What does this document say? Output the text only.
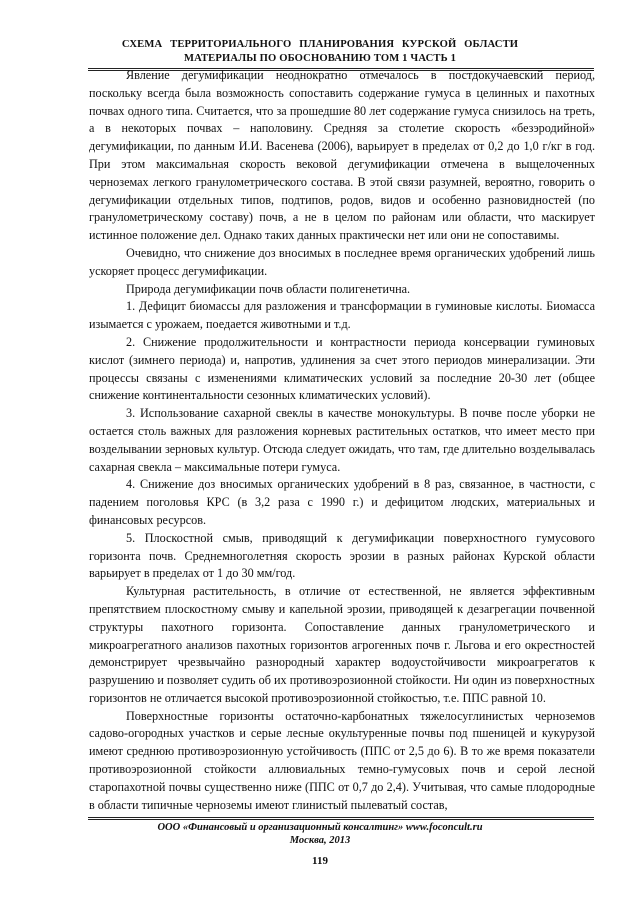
СХЕМА ТЕРРИТОРИАЛЬНОГО ПЛАНИРОВАНИЯ КУРСКОЙ ОБЛАСТИ
МАТЕРИАЛЫ ПО ОБОСНОВАНИЮ ТОМ 1 ЧАСТЬ 1

Явление дегумификации неоднократно отмечалось в постдокучаевский период, поскольку всегда была возможность сопоставить содержание гумуса в целинных и пахотных почвах одного типа. Считается, что за прошедшие 80 лет содержание гумуса снизилось на треть, а в некоторых почвах – наполовину. Средняя за столетие скорость «безэродийной» дегумификации, по данным И.И. Васенева (2006), варьирует в пределах от 0,2 до 1,0 г/кг в год. При этом максимальная скорость вековой дегумификации отмечена в выщелоченных черноземах легкого гранулометрического состава. В этой связи разумней, вероятно, говорить о дегумификации отдельных типов, подтипов, родов, видов и особенно разновидностей (по гранулометрическому составу) почв, а не в целом по районам или области, что маскирует истинное положение дел. Однако таких данных практически нет или они не сопоставимы.

Очевидно, что снижение доз вносимых в последнее время органических удобрений лишь ускоряет процесс дегумификации.

Природа дегумификации почв области полигенетична.

1. Дефицит биомассы для разложения и трансформации в гуминовые кислоты. Биомасса изымается с урожаем, поедается животными и т.д.

2. Снижение продолжительности и контрастности периода консервации гуминовых кислот (зимнего периода) и, напротив, удлинения за счет этого периодов минерализации. Эти процессы связаны с изменениями климатических условий за последние 20-30 лет (общее снижение континентальности сезонных климатических условий).

3. Использование сахарной свеклы в качестве монокультуры. В почве после уборки не остается столь важных для разложения корневых растительных остатков, что имеет место при возделывании зерновых культур. Отсюда следует ожидать, что там, где длительно возделывалась сахарная свекла – максимальные потери гумуса.

4. Снижение доз вносимых органических удобрений в 8 раз, связанное, в частности, с падением поголовья КРС (в 3,2 раза с 1990 г.) и дефицитом людских, материальных и финансовых ресурсов.

5. Плоскостной смыв, приводящий к дегумификации поверхностного гумусового горизонта почв. Среднемноголетняя скорость эрозии в разных районах Курской области варьирует в пределах от 1 до 30 мм/год.

Культурная растительность, в отличие от естественной, не является эффективным препятствием плоскостному смыву и капельной эрозии, приводящей к дезагрегации почвенной структуры пахотного горизонта. Сопоставление данных гранулометрического и микроагрегатного анализов пахотных горизонтов агрогенных почв г. Льгова и его окрестностей демонстрирует чрезвычайно разнородный характер водоустойчивости микроагрегатов к разрушению и позволяет судить об их противоэрозионной стойкости. Ни один из поверхностных горизонтов не отличается высокой противоэрозионной стойкостью, т.е. ППС равной 10.

Поверхностные горизонты остаточно-карбонатных тяжелосуглинистых черноземов садово-огородных участков и серые лесные окультуренные почвы под пшеницей и кукурузой имеют среднюю противоэрозионную устойчивость (ППС от 2,5 до 6). В то же время показатели противоэрозионной стойкости аллювиальных темно-гумусовых почв и серой лесной старопахотной почвы существенно ниже (ППС от 0,7 до 2,4). Учитывая, что самые плодородные в области типичные черноземы имеют глинистый пылеватый состав,

ООО «Финансовый и организационный консалтинг» www.foconcult.ru
Москва, 2013
119
